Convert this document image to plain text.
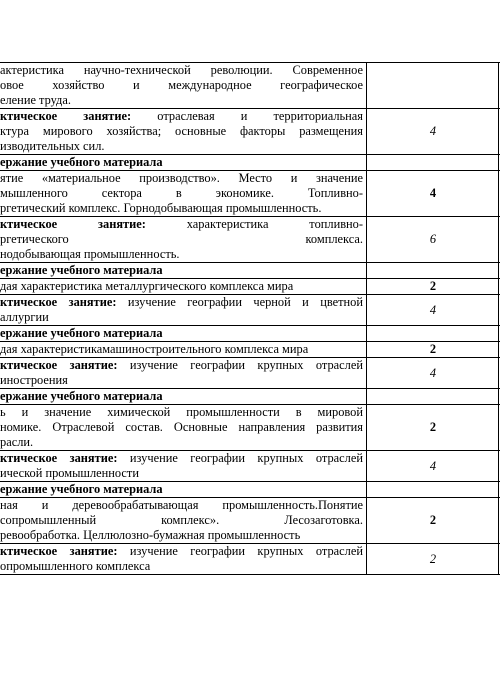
актеристика научно-технической революции. Современное
овое хозяйство и международное географическое
еление труда.		

ктическое занятие: отраслевая и территориальная
ктура мирового хозяйства; основные факторы размещения
изводительных сил.	4	
ержание учебного материала		

ятие «материальное производство». Место и значение
мышленного сектора в экономике. Топливно-
ргетический комплекс. Горнодобывающая промышленность.	4	

ктическое занятие: характеристика топливно-
ргетического комплекса.
нодобывающая промышленность.	6	
ержание учебного материала		

дая характеристика металлургического комплекса мира	2	

ктическое занятие: изучение географии черной и цветной
аллургии	4	
ержание учебного материала		

дая характеристикамашиностроительного комплекса мира	2	

ктическое занятие: изучение географии крупных отраслей
иностроения	4	
ержание учебного материала		

ь и значение химической промышленности в мировой
номике. Отраслевой состав. Основные направления развития
расли.	2	

ктическое занятие: изучение географии крупных отраслей
ической промышленности	4	
ержание учебного материала		

ная и деревообрабатывающая промышленность.Понятие
сопромышленный комплекс». Лесозаготовка.
ревообработка. Целлюлозно-бумажная промышленность	2	

ктическое занятие: изучение географии крупных отраслей
опромышленного комплекса	2	
